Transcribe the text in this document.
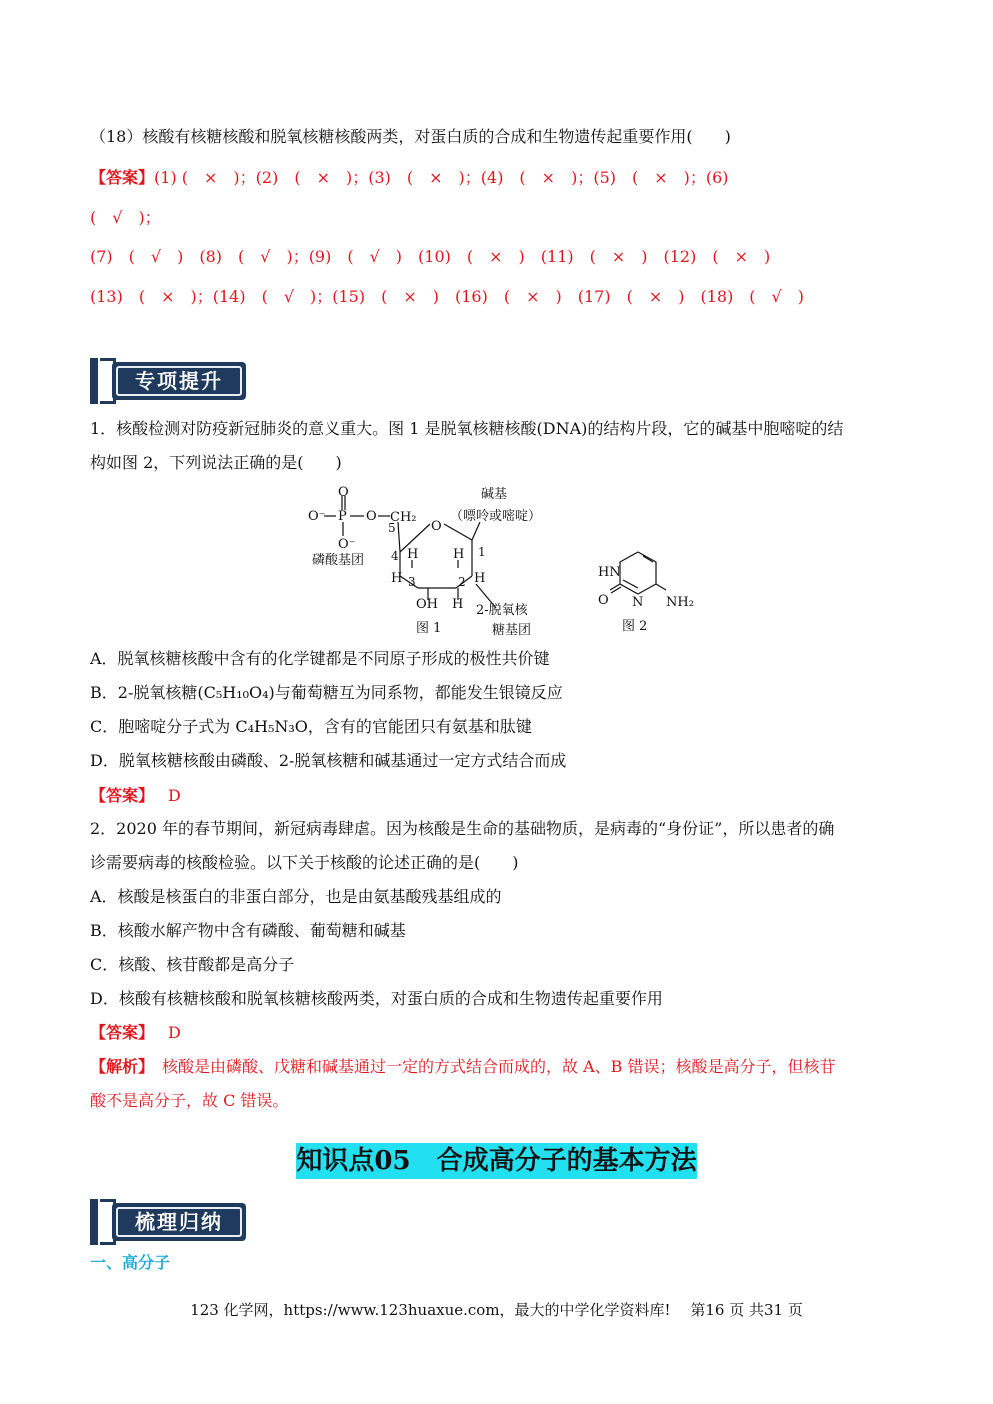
（18）核酸有核糖核酸和脱氧核糖核酸两类，对蛋白质的合成和生物遗传起重要作用(　　)
【答案】(1) (　×　)；(2)　(　×　)；(3)　(　×　)；(4)　(　×　)；(5)　(　×　)；(6)
(　√　)；
(7)　(　√　)　(8)　(　√　)；(9)　(　√　)　(10)　(　×　)　(11)　(　×　)　(12)　(　×　)
(13)　(　×　)；(14)　(　√　)；(15)　(　×　)　(16)　(　×　)　(17)　(　×　)　(18)　(　√　)
专项提升
1．核酸检测对防疫新冠肺炎的意义重大。图 1 是脱氧核糖核酸(DNA)的结构片段，它的碱基中胞嘧啶的结
构如图 2，下列说法正确的是(　　)
O
O⁻ P O
O⁻
CH₂
O
5
4
3	2
1
H	H
H	H
OH H
碱基
（嘌呤或嘧啶）
磷酸基团
2-脱氧核
糖基团
图 1
HN
O N NH₂
图 2
A．脱氧核糖核酸中含有的化学键都是不同原子形成的极性共价键
B．2-脱氧核糖(C₅H₁₀O₄)与葡萄糖互为同系物，都能发生银镜反应
C．胞嘧啶分子式为 C₄H₅N₃O，含有的官能团只有氨基和肽键
D．脱氧核糖核酸由磷酸、2-脱氧核糖和碱基通过一定方式结合而成
【答案】 D
2．2020 年的春节期间，新冠病毒肆虐。因为核酸是生命的基础物质，是病毒的“身份证”，所以患者的确
诊需要病毒的核酸检验。以下关于核酸的论述正确的是(　　)
A．核酸是核蛋白的非蛋白部分，也是由氨基酸残基组成的
B．核酸水解产物中含有磷酸、葡萄糖和碱基
C．核酸、核苷酸都是高分子
D．核酸有核糖核酸和脱氧核糖核酸两类，对蛋白质的合成和生物遗传起重要作用
【答案】 D
【解析】 核酸是由磷酸、戊糖和碱基通过一定的方式结合而成的，故 A、B 错误；核酸是高分子，但核苷
酸不是高分子，故 C 错误。
知识点05　合成高分子的基本方法
梳理归纳
一、高分子
123 化学网，https://www.123huaxue.com，最大的中学化学资料库!　 第16 页 共31 页
